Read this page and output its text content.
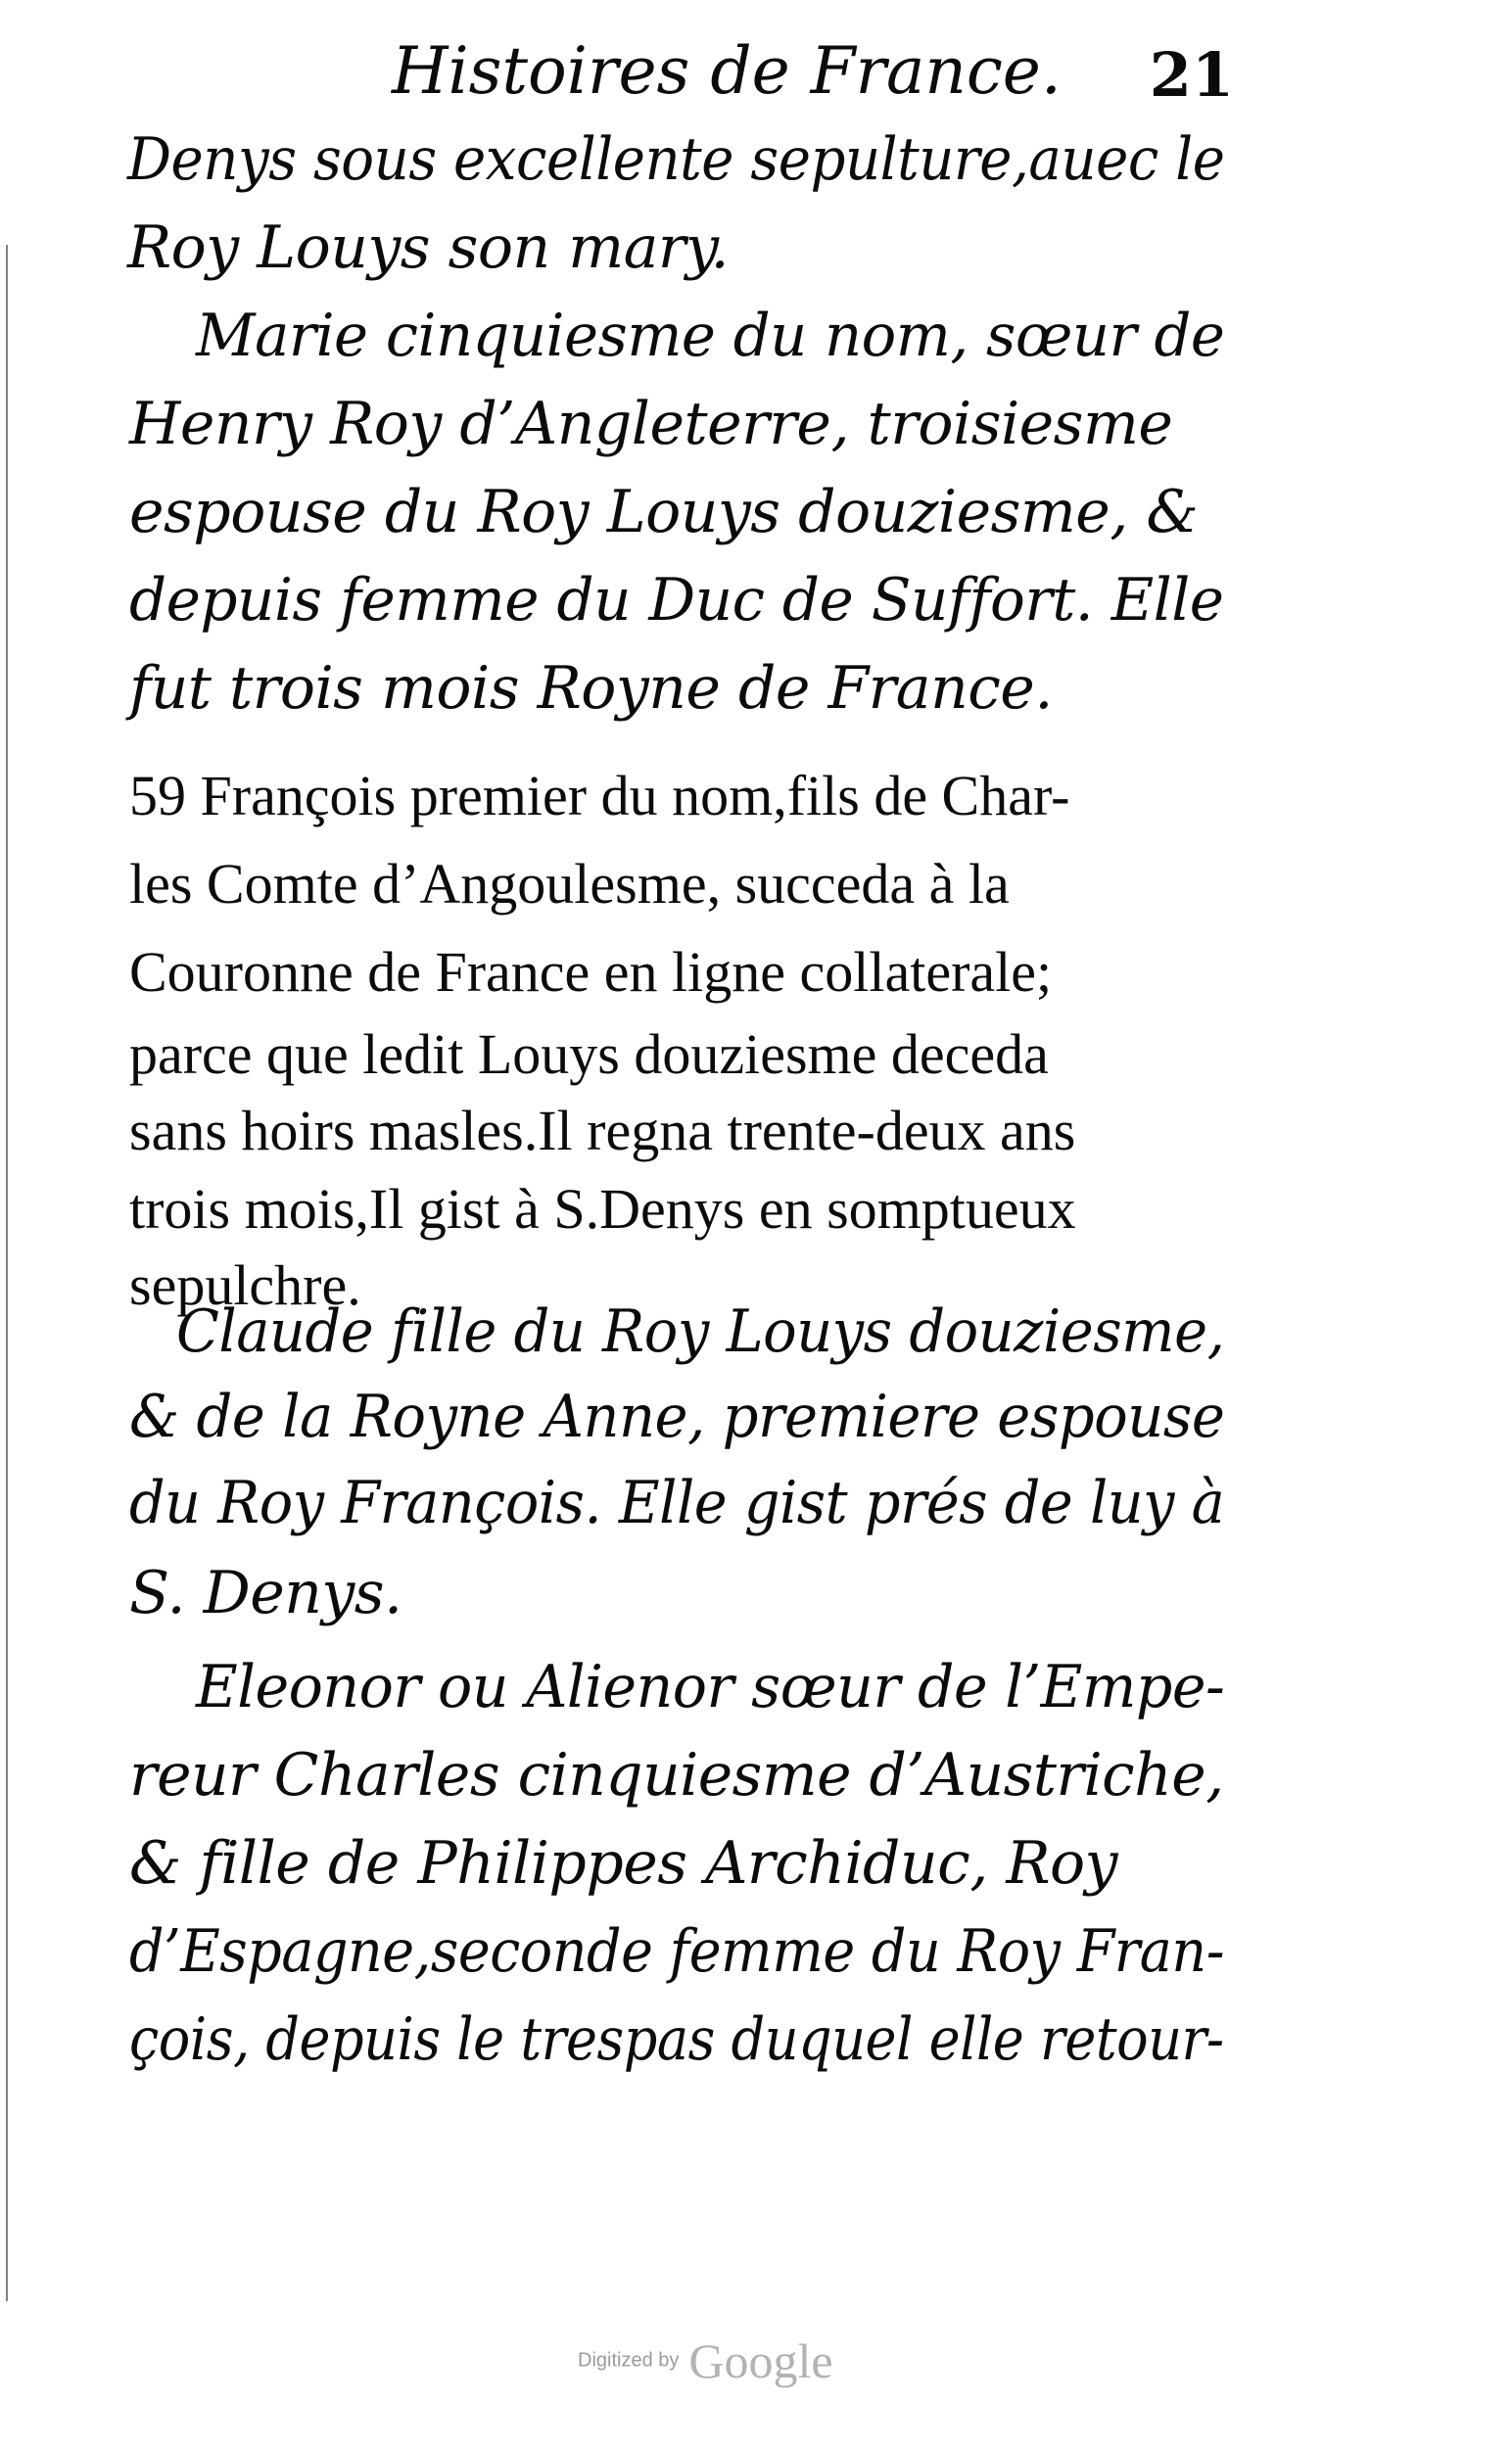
Histoires de France. 21
Denys sous excellente sepulture,auec le
Roy Louys son mary.
Marie cinquiesme du nom, sœur de
Henry Roy d’Angleterre, troisiesme
espouse du Roy Louys douziesme, &
depuis femme du Duc de Suffort. Elle
fut trois mois Royne de France.
59 François premier du nom,fils de Char-
les Comte d’Angoulesme, succeda à la
Couronne de France en ligne collaterale;
parce que ledit Louys douziesme deceda
sans hoirs masles.Il regna trente-deux ans
trois mois,Il gist à S.Denys en somptueux
sepulchre.
Claude fille du Roy Louys douziesme,
& de la Royne Anne, premiere espouse
du Roy François. Elle gist prés de luy à
S. Denys.
Eleonor ou Alienor sœur de l’Empe-
reur Charles cinquiesme d’Austriche,
& fille de Philippes Archiduc, Roy
d’Espagne,seconde femme du Roy Fran-
çois, depuis le trespas duquel elle retour-
Digitized by Google
